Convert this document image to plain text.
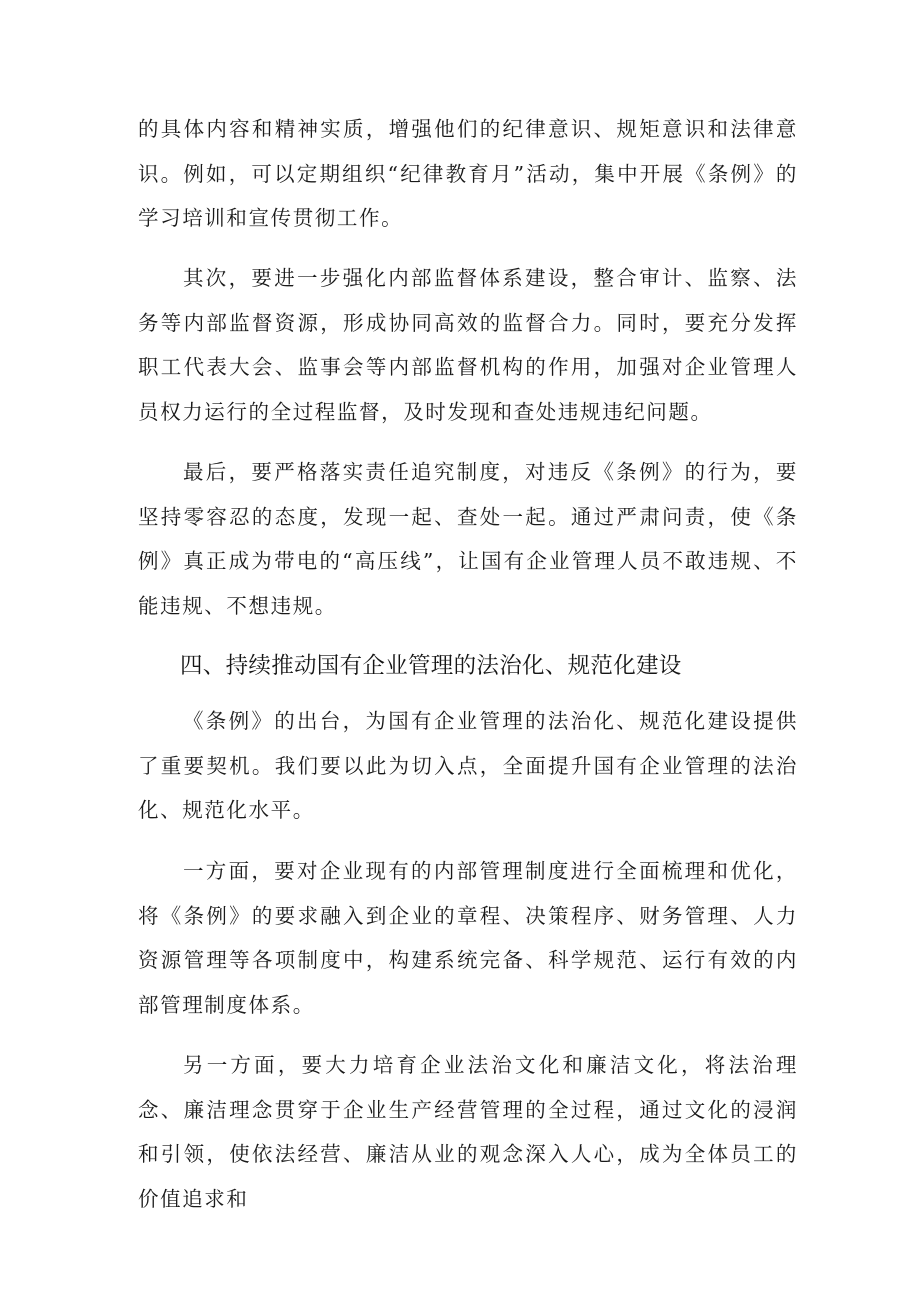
的具体内容和精神实质，增强他们的纪律意识、规矩意识和法律意识。例如，可以定期组织“纪律教育月”活动，集中开展《条例》的学习培训和宣传贯彻工作。

其次，要进一步强化内部监督体系建设，整合审计、监察、法务等内部监督资源，形成协同高效的监督合力。同时，要充分发挥职工代表大会、监事会等内部监督机构的作用，加强对企业管理人员权力运行的全过程监督，及时发现和查处违规违纪问题。

最后，要严格落实责任追究制度，对违反《条例》的行为，要坚持零容忍的态度，发现一起、查处一起。通过严肃问责，使《条例》真正成为带电的“高压线”，让国有企业管理人员不敢违规、不能违规、不想违规。

四、持续推动国有企业管理的法治化、规范化建设

《条例》的出台，为国有企业管理的法治化、规范化建设提供了重要契机。我们要以此为切入点，全面提升国有企业管理的法治化、规范化水平。

一方面，要对企业现有的内部管理制度进行全面梳理和优化，将《条例》的要求融入到企业的章程、决策程序、财务管理、人力资源管理等各项制度中，构建系统完备、科学规范、运行有效的内部管理制度体系。

另一方面，要大力培育企业法治文化和廉洁文化，将法治理念、廉洁理念贯穿于企业生产经营管理的全过程，通过文化的浸润和引领，使依法经营、廉洁从业的观念深入人心，成为全体员工的价值追求和
